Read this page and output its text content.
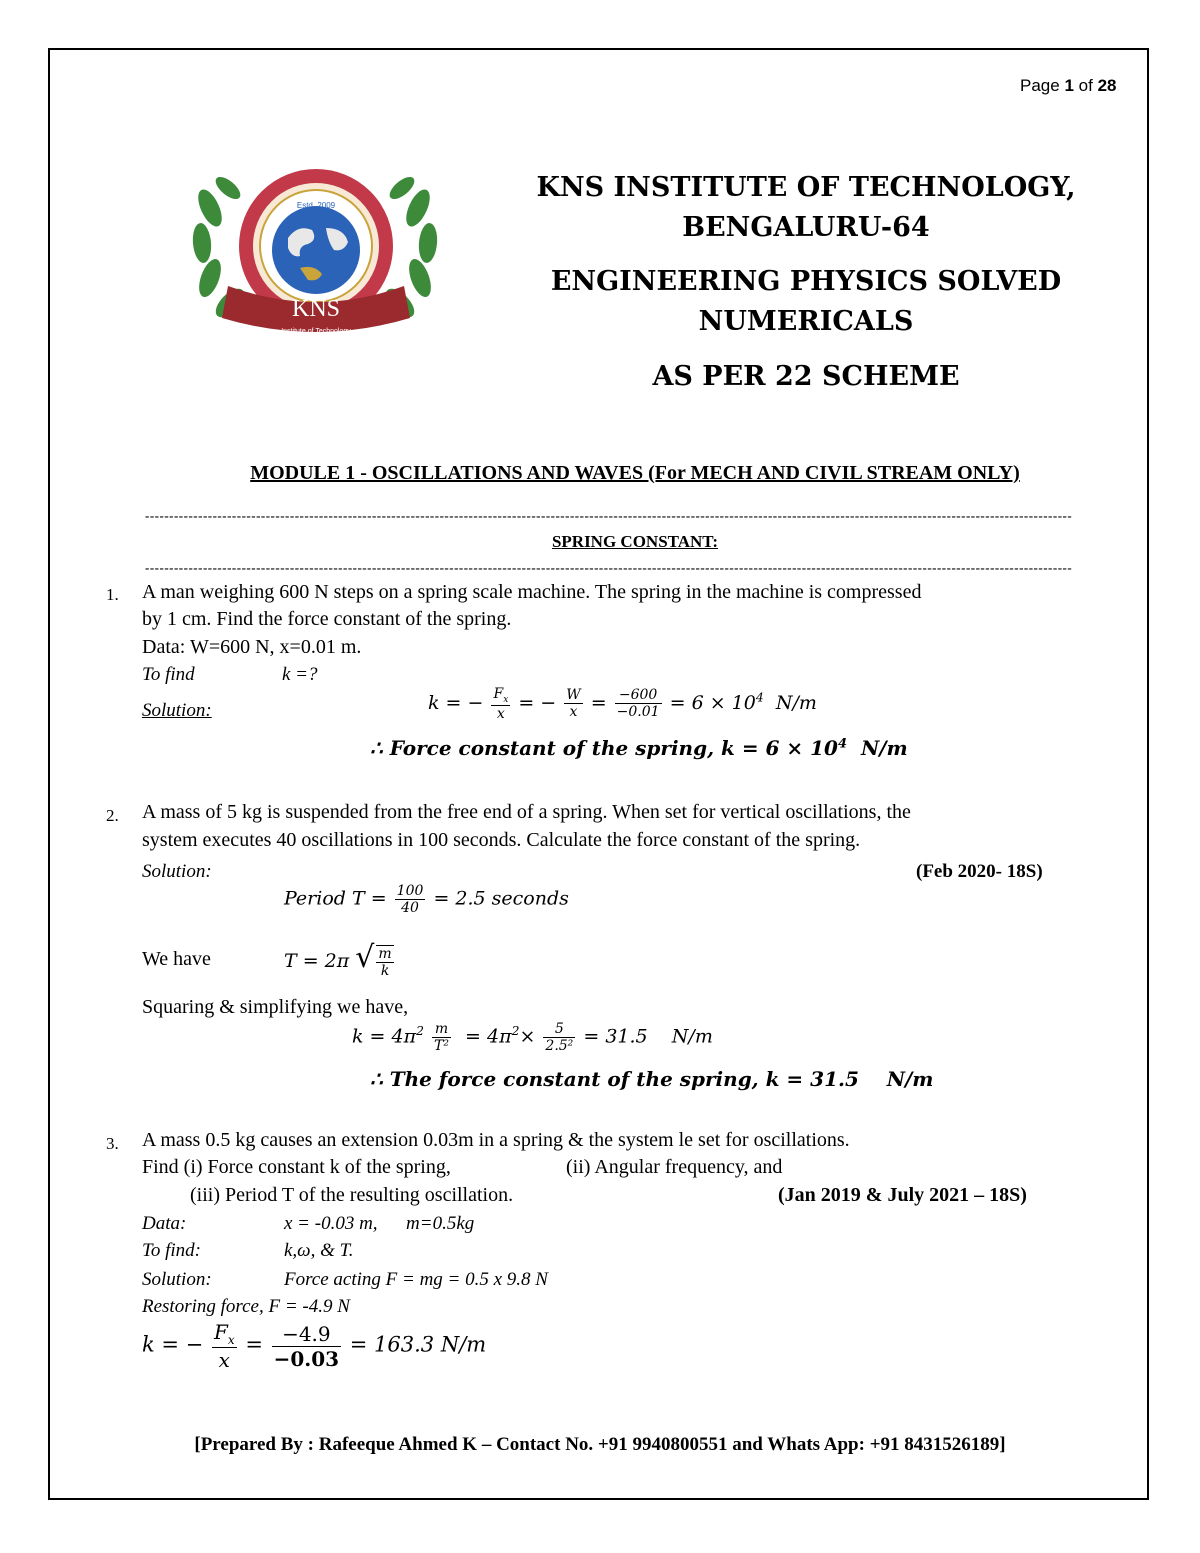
Page 1 of 28
Estd. 2009
KNS
Institute of Technology
KNS INSTITUTE OF TECHNOLOGY,
BENGALURU-64
ENGINEERING PHYSICS SOLVED
NUMERICALS
AS PER 22 SCHEME
MODULE 1 - OSCILLATIONS AND WAVES (For MECH AND CIVIL STREAM ONLY)
------------------------------------------------------------------------------------------------------------------------------------------------------------------------------------------------
SPRING CONSTANT:
------------------------------------------------------------------------------------------------------------------------------------------------------------------------------------------------
1. A man weighing 600 N steps on a spring scale machine. The spring in the machine is compressed
by 1 cm. Find the force constant of the spring.
Data: W=600 N, x=0.01 m.
To find	k =?
Solution:	k = − $\frac{F_x}{x}$ = − $\frac{W}{x} = \frac{-600}{-0.01} = 6 \times 10^4$ N/m
∴ Force constant of the spring, $k = 6 \times 10^4$ N/m
2. A mass of 5 kg is suspended from the free end of a spring. When set for vertical oscillations, the
system executes 40 oscillations in 100 seconds. Calculate the force constant of the spring.
Solution:	(Feb 2020- 18S)
Period $T = \frac{100}{40} = 2.5$ seconds
We have	T = 2π √ $\frac{m}{k}$
Squaring & simplifying we have,
$k = 4\pi^2 \frac{m}{\text{T²}} = 4\pi^2\times \frac{5}{\text{2.5²}} = 31.5$ N/m
∴ The force constant of the spring, k = 31.5 N/m
3. A mass 0.5 kg causes an extension 0.03m in a spring & the system le set for oscillations.
Find (i) Force constant k of the spring,	(ii) Angular frequency, and
(iii) Period T of the resulting oscillation.	(Jan 2019 & July 2021 – 18S)
Data:	x = -0.03 m,      m=0.5kg
To find:	k,ω, & T.
Solution:	Force acting F = mg = 0.5 x 9.8 N
Restoring force, F = -4.9 N
k = − $\frac{F_x}{x} = \frac{-4.9}{-0.03} = 163.3$ N/m
[Prepared By : Rafeeque Ahmed K – Contact No. +91 9940800551 and Whats App: +91 8431526189]
